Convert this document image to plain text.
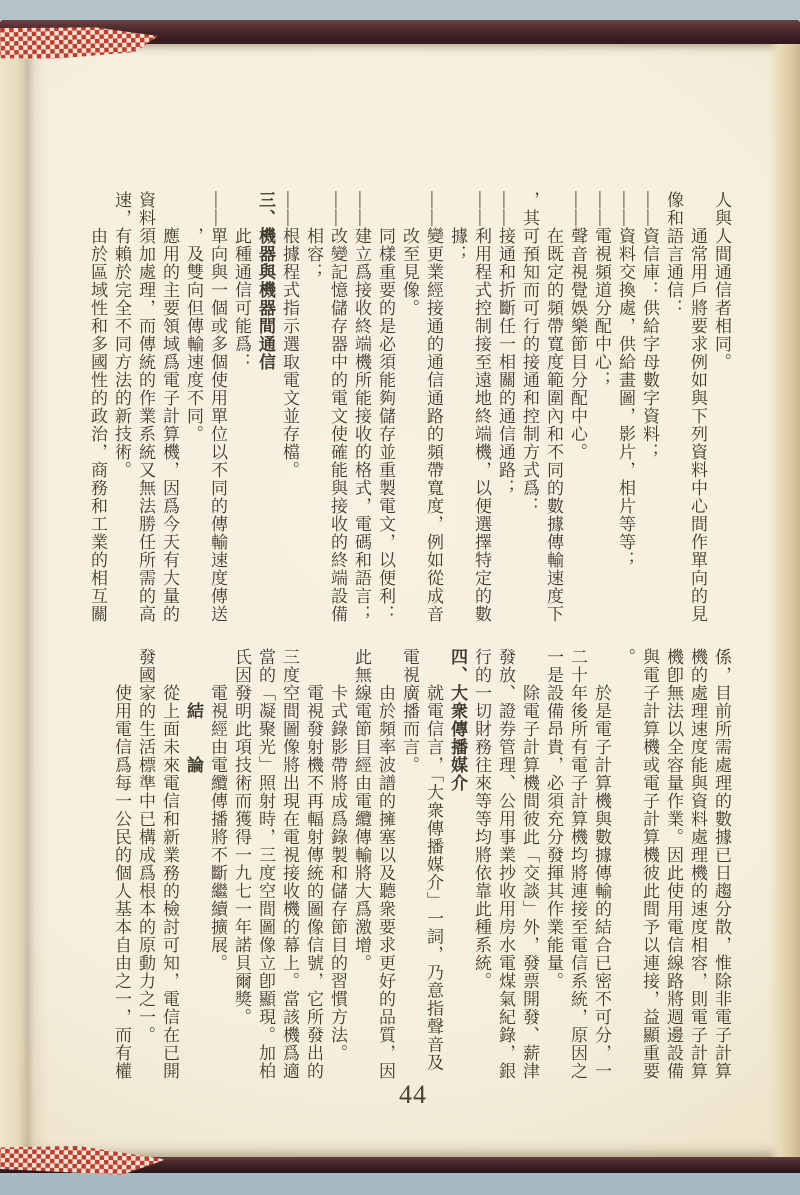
人與人間通信者相同。
通常用戶將要求例如與下列資料中心間作單向的見
像和語言通信：
——資信庫：供給字母數字資料；
——資料交換處，供給畫圖，影片，相片等等；
——電視頻道分配中心；
——聲音視覺娛樂節目分配中心。
在既定的頻帶寬度範圍內和不同的數據傳輸速度下
，其可預知而可行的接通和控制方式爲：
——接通和折斷任一相關的通信通路；
——利用程式控制接至遠地終端機，以便選擇特定的數
據；
——變更業經接通的通信通路的頻帶寬度，例如從成音
改至見像。
同樣重要的是必須能夠儲存並重製電文，以便利：
——建立爲接收終端機所能接收的格式，電碼和語言；
——改變記憶儲存器中的電文使確能與接收的終端設備
相容；
——根據程式指示選取電文並存檔。
三、機器與機器間通信
此種通信可能爲：
——單向與一個或多個使用單位以不同的傳輸速度傳送
，及雙向但傳輸速度不同。
應用的主要領域爲電子計算機，因爲今天有大量的
資料須加處理，而傳統的作業系統又無法勝任所需的高
速，有賴於完全不同方法的新技術。
由於區域性和多國性的政治，商務和工業的相互關
係，目前所需處理的數據已日趨分散，惟除非電子計算
機的處理速度能與資料處理機的速度相容，則電子計算
機卽無法以全容量作業。因此使用電信線路將週邊設備
與電子計算機或電子計算機彼此間予以連接，益顯重要
。
於是電子計算機與數據傳輸的結合已密不可分，一
二十年後所有電子計算機均將連接至電信系統，原因之
一是設備昂貴，必須充分發揮其作業能量。
除電子計算機間彼此「交談」外，發票開發、薪津
發放、證券管理、公用事業抄收用房水電煤氣紀錄，銀
行的一切財務往來等等均將依靠此種系統。
四、大衆傳播媒介
就電信言，「大衆傳播媒介」一詞，乃意指聲音及
電視廣播而言。
由於頻率波譜的擁塞以及聽衆要求更好的品質，因
此無線電節目經由電纜傳輸將大爲激增。
卡式錄影帶將成爲錄製和儲存節目的習慣方法。
電視發射機不再輻射傳統的圖像信號，它所發出的
三度空間圖像將出現在電視接收機的幕上。當該機爲適
當的「凝聚光」照射時，三度空間圖像立卽顯現。加柏
氏因發明此項技術而獲得一九七一年諾貝爾獎。
電視經由電纜傳播將不斷繼續擴展。
結　　論
從上面未來電信和新業務的檢討可知，電信在已開
發國家的生活標準中已構成爲根本的原動力之一。
使用電信爲每一公民的個人基本自由之一，而有權
44
